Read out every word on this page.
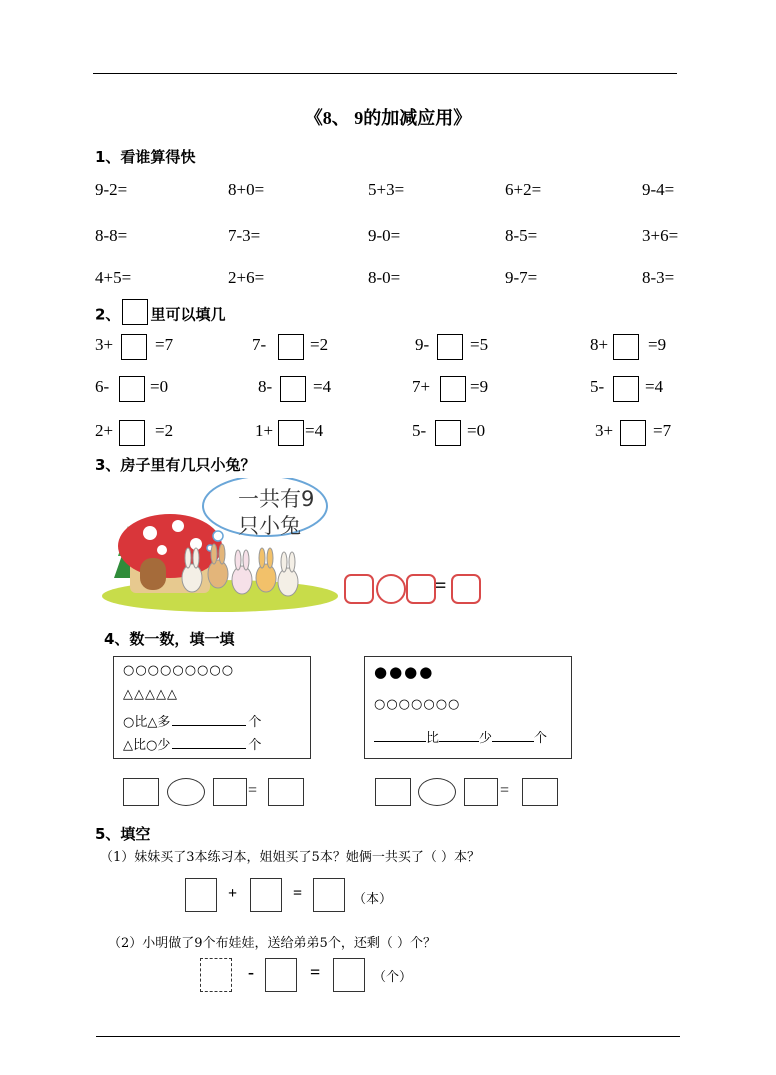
《8、 9的加减应用》
1、看谁算得快
9-2=	8+0=	5+3=	6+2=	9-4=
8-8=	7-3=	9-0=	8-5=	3+6=
4+5=	2+6=	8-0=	9-7=	8-3=
2、 里可以填几
3+ =7	7-	=2	9- =5	8+ =9
6- =0	8- =4	7+ =9	5- =4
2+ =2	1+ =4	5- =0	3+ =7
3、房子里有几只小兔？
一共有9
只小兔
=
4、数一数，填一填
○○○○○○○○○
△△△△△
○比△多	个
△比○少	个
●●●●
○○○○○○○
比	少	个
=	=
5、填空
（1）妹妹买了3本练习本，姐姐买了5本？她俩一共买了（ ）本？
+	=	（本）
（2）小明做了9个布娃娃，送给弟弟5个，还剩（ ）个？
-	=	（个）
